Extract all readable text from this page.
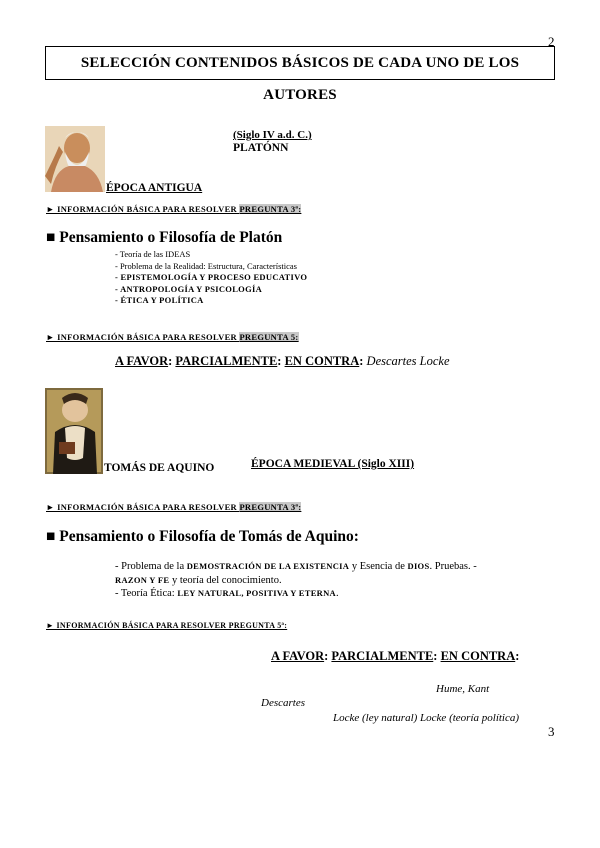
2
SELECCIÓN CONTENIDOS BÁSICOS DE CADA UNO DE LOS AUTORES
(Siglo IV a.d. C.)
PLATÓNN
ÉPOCA ANTIGUA
► INFORMACIÓN BÁSICA PARA RESOLVER PREGUNTA 3ª:
■ Pensamiento o Filosofía de Platón
- Teoría de las IDEAS
- Problema de la Realidad: Estructura, Características
- EPISTEMOLOGÍA Y PROCESO EDUCATIVO
- ANTROPOLOGÍA Y PSICOLOGÍA
- ÉTICA Y POLÍTICA
► INFORMACIÓN BÁSICA PARA RESOLVER PREGUNTA 5:
A FAVOR: PARCIALMENTE: EN CONTRA: Descartes Locke
TOMÁS DE AQUINO	ÉPOCA MEDIEVAL (Siglo XIII)
► INFORMACIÓN BÁSICA PARA RESOLVER PREGUNTA 3ª:
■ Pensamiento o Filosofía de Tomás de Aquino:
- Problema de la DEMOSTRACIÓN DE LA EXISTENCIA y Esencia de DIOS. Pruebas. -
RAZON Y FE y teoría del conocimiento.
- Teoría Ética: LEY NATURAL, POSITIVA Y ETERNA.
► INFORMACIÓN BÁSICA PARA RESOLVER PREGUNTA 5ª:
A FAVOR: PARCIALMENTE: EN CONTRA:
Hume, Kant
Descartes
Locke (ley natural) Locke (teoría política)
3
